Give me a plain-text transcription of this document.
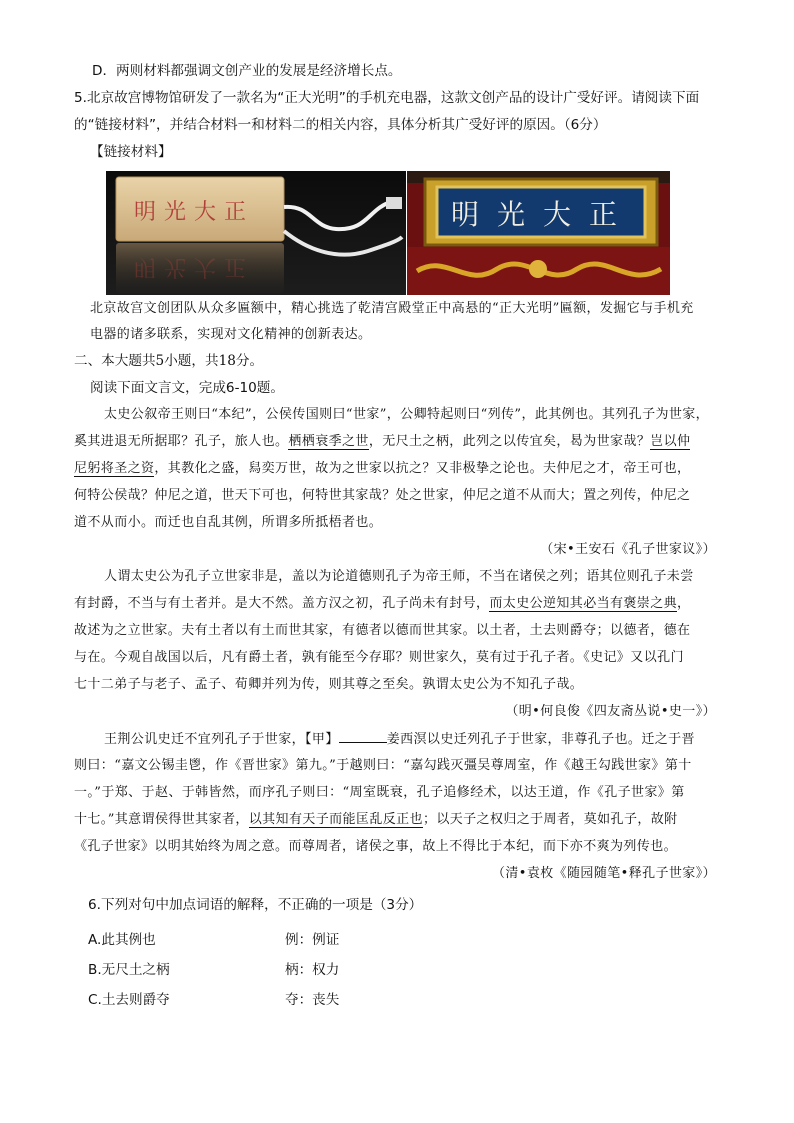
D．两则材料都强调文创产业的发展是经济增长点。
5.北京故宫博物馆研发了一款名为“正大光明”的手机充电器，这款文创产品的设计广受好评。请阅读下面
的“链接材料”，并结合材料一和材料二的相关内容，具体分析其广受好评的原因。（6分）
【链接材料】
明光大正
明光大正
明光大正
北京故宫文创团队从众多匾额中，精心挑选了乾清宫殿堂正中高悬的“正大光明”匾额，发掘它与手机充
电器的诸多联系，实现对文化精神的创新表达。
二、本大题共5小题，共18分。
阅读下面文言文，完成6-10题。
太史公叙帝王则曰“本纪”，公侯传国则曰“世家”，公卿特起则曰“列传”，此其例也。其列孔子为世家，
奚其进退无所据耶？孔子，旅人也。栖栖衰季之世，无尺土之柄，此列之以传宜矣，曷为世家哉？岂以仲
尼躬将圣之资，其教化之盛，舄奕万世，故为之世家以抗之？又非极挚之论也。夫仲尼之才，帝王可也，
何特公侯哉？仲尼之道，世天下可也，何特世其家哉？处之世家，仲尼之道不从而大；置之列传，仲尼之
道不从而小。而迁也自乱其例，所谓多所抵梧者也。
（宋•王安石《孔子世家议》）
人谓太史公为孔子立世家非是，盖以为论道德则孔子为帝王师，不当在诸侯之列；语其位则孔子未尝
有封爵，不当与有土者并。是大不然。盖方汉之初，孔子尚未有封号，而太史公逆知其必当有褒崇之典，
故述为之立世家。夫有土者以有土而世其家，有德者以德而世其家。以土者，土去则爵夺；以德者，德在
与在。今观自战国以后，凡有爵土者，孰有能至今存耶？则世家久，莫有过于孔子者。《史记》又以孔门
七十二弟子与老子、孟子、荀卿并列为传，则其尊之至矣。孰谓太史公为不知孔子哉。
（明•何良俊《四友斋丛说•史一》）
王荆公讥史迁不宜列孔子于世家，【甲】	姜西溟以史迁列孔子于世家，非尊孔子也。迁之于晋
则曰：“嘉文公锡圭鬯，作《晋世家》第九。”于越则曰：“嘉勾践灭彊吴尊周室，作《越王勾践世家》第十
一。”于郑、于赵、于韩皆然，而序孔子则曰：“周室既衰，孔子追修经术，以达王道，作《孔子世家》第
十七。”其意谓侯得世其家者，以其知有天子而能匡乱反正也；以天子之权归之于周者，莫如孔子，故附
《孔子世家》以明其始终为周之意。而尊周者，诸侯之事，故上不得比于本纪，而下亦不爽为列传也。
（清•袁枚《随园随笔•释孔子世家》）
6.下列对句中加点词语的解释，不正确的一项是（3分）
A.此其例也	例：例证
B.无尺土之柄	柄：权力
C.土去则爵夺	夺：丧失
